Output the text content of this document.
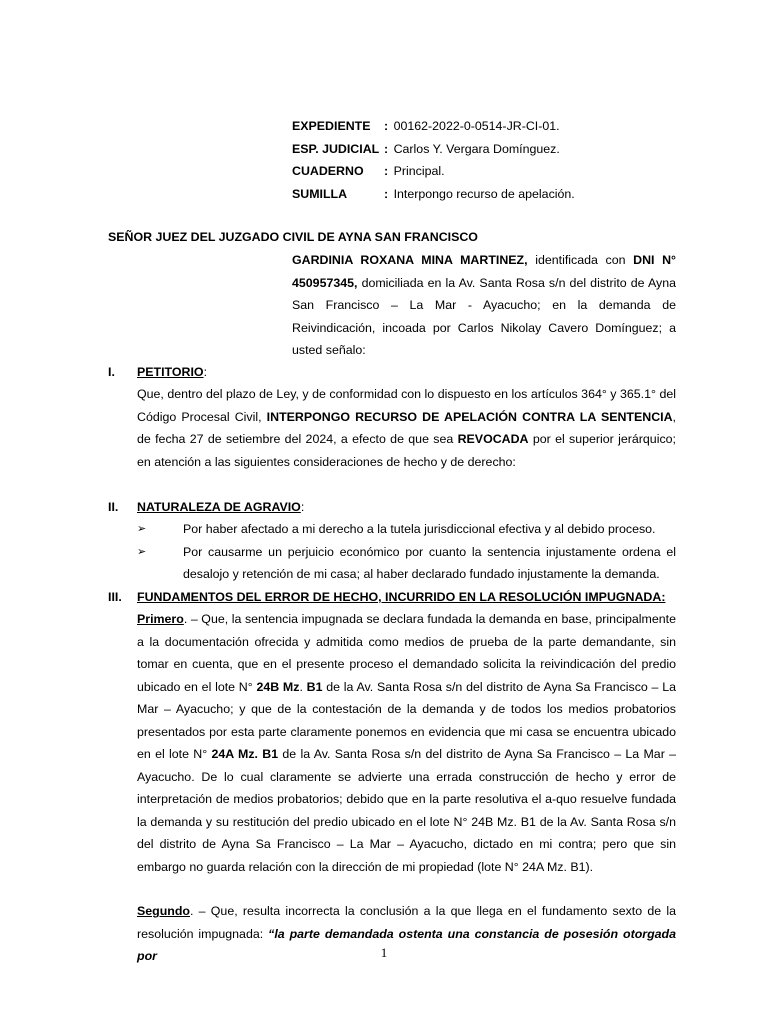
EXPEDIENTE	: 00162-2022-0-0514-JR-CI-01.
ESP. JUDICIAL : Carlos Y. Vergara Domínguez.
CUADERNO	: Principal.
SUMILLA	: Interpongo recurso de apelación.
SEÑOR JUEZ DEL JUZGADO CIVIL DE AYNA SAN FRANCISCO
GARDINIA ROXANA MINA MARTINEZ, identificada con DNI N° 450957345, domiciliada en la Av. Santa Rosa s/n del distrito de Ayna San Francisco – La Mar - Ayacucho; en la demanda de Reivindicación, incoada por Carlos Nikolay Cavero Domínguez; a usted señalo:
I.	PETITORIO:
Que, dentro del plazo de Ley, y de conformidad con lo dispuesto en los artículos 364° y 365.1° del Código Procesal Civil, INTERPONGO RECURSO DE APELACIÓN CONTRA LA SENTENCIA, de fecha 27 de setiembre del 2024, a efecto de que sea REVOCADA por el superior jerárquico; en atención a las siguientes consideraciones de hecho y de derecho:
II.	NATURALEZA DE AGRAVIO:
➢	Por haber afectado a mi derecho a la tutela jurisdiccional efectiva y al debido proceso.
➢	Por causarme un perjuicio económico por cuanto la sentencia injustamente ordena el desalojo y retención de mi casa; al haber declarado fundado injustamente la demanda.
III.	FUNDAMENTOS DEL ERROR DE HECHO, INCURRIDO EN LA RESOLUCIÓN IMPUGNADA:
Primero. – Que, la sentencia impugnada se declara fundada la demanda en base, principalmente a la documentación ofrecida y admitida como medios de prueba de la parte demandante, sin tomar en cuenta, que en el presente proceso el demandado solicita la reivindicación del predio ubicado en el lote N° 24B Mz. B1 de la Av. Santa Rosa s/n del distrito de Ayna Sa Francisco – La Mar – Ayacucho; y que de la contestación de la demanda y de todos los medios probatorios presentados por esta parte claramente ponemos en evidencia que mi casa se encuentra ubicado en el lote N° 24A Mz. B1 de la Av. Santa Rosa s/n del distrito de Ayna Sa Francisco – La Mar – Ayacucho. De lo cual claramente se advierte una errada construcción de hecho y error de interpretación de medios probatorios; debido que en la parte resolutiva el a-quo resuelve fundada la demanda y su restitución del predio ubicado en el lote N° 24B Mz. B1 de la Av. Santa Rosa s/n del distrito de Ayna Sa Francisco – La Mar – Ayacucho, dictado en mi contra; pero que sin embargo no guarda relación con la dirección de mi propiedad (lote N° 24A Mz. B1).
Segundo. – Que, resulta incorrecta la conclusión a la que llega en el fundamento sexto de la resolución impugnada: “la parte demandada ostenta una constancia de posesión otorgada por	1
